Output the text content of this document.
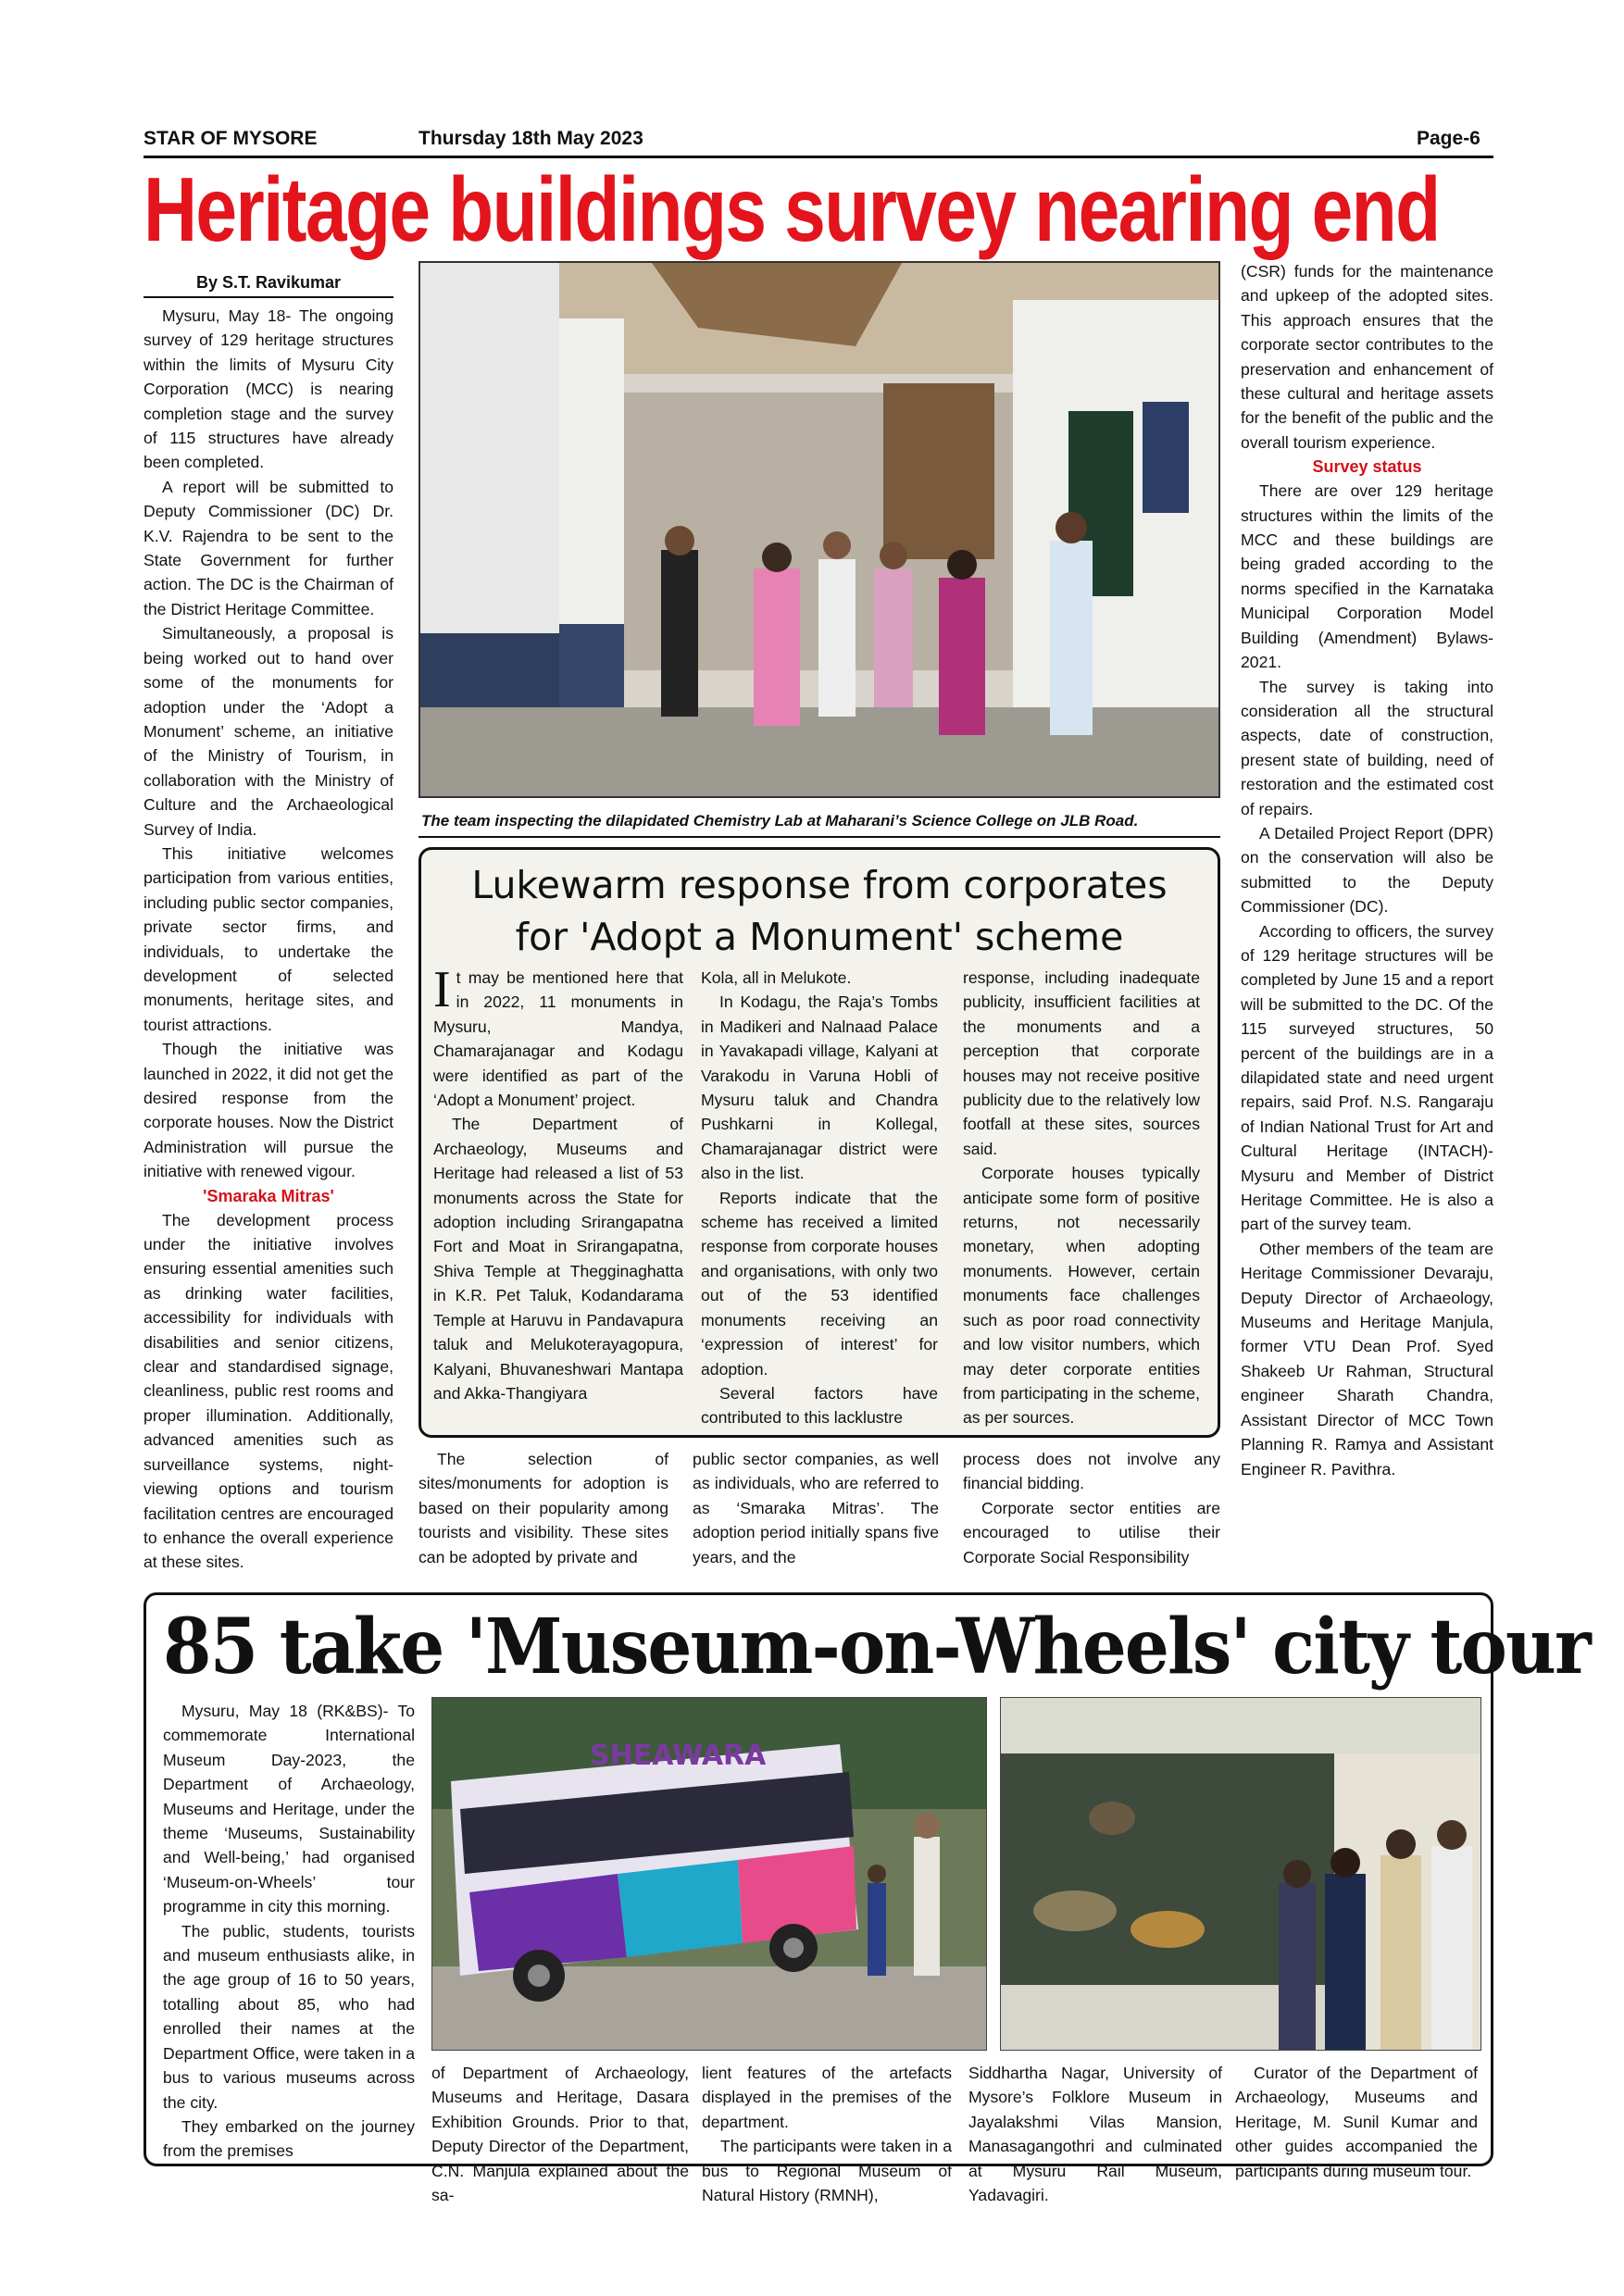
STAR OF MYSORE	Thursday 18th May 2023	Page-6
Heritage buildings survey nearing end
By S.T. Ravikumar

Mysuru, May 18- The ongoing survey of 129 heritage structures within the limits of Mysuru City Corporation (MCC) is nearing completion stage and the survey of 115 structures have already been completed.

A report will be submitted to Deputy Commissioner (DC) Dr. K.V. Rajendra to be sent to the State Government for further action. The DC is the Chairman of the District Heritage Committee.

Simultaneously, a proposal is being worked out to hand over some of the monuments for adoption under the ‘Adopt a Monument’ scheme, an initiative of the Ministry of Tourism, in collaboration with the Ministry of Culture and the Archaeological Survey of India.

This initiative welcomes participation from various entities, including public sector companies, private sector firms, and individuals, to undertake the development of selected monuments, heritage sites, and tourist attractions.

Though the initiative was launched in 2022, it did not get the desired response from the corporate houses. Now the District Administration will pursue the initiative with renewed vigour.

'Smaraka Mitras'

The development process under the initiative involves ensuring essential amenities such as drinking water facilities, accessibility for individuals with disabilities and senior citizens, clear and standardised signage, cleanliness, public rest rooms and proper illumination. Additionally, advanced amenities such as surveillance systems, night-viewing options and tourism facilitation centres are encouraged to enhance the overall experience at these sites.

The team inspecting the dilapidated Chemistry Lab at Maharani’s Science College on JLB Road.
Lukewarm response from corporates
for 'Adopt a Monument' scheme

It may be mentioned here that in 2022, 11 monuments in Mysuru, Mandya, Chamarajanagar and Kodagu were identified as part of the ‘Adopt a Monument’ project.

The Department of Archaeology, Museums and Heritage had released a list of 53 monuments across the State for adoption including Srirangapatna Fort and Moat in Srirangapatna, Shiva Temple at Thegginaghatta in K.R. Pet Taluk, Kodandarama Temple at Haruvu in Pandavapura taluk and Melukoterayagopura, Kalyani, Bhuvaneshwari Mantapa and Akka-Thangiyara

Kola, all in Melukote.

In Kodagu, the Raja’s Tombs in Madikeri and Nalnaad Palace in Yavakapadi village, Kalyani at Varakodu in Varuna Hobli of Mysuru taluk and Chandra Pushkarni in Kollegal, Chamarajanagar district were also in the list.

Reports indicate that the scheme has received a limited response from corporate houses and organisations, with only two out of the 53 identified monuments receiving an ‘expression of interest’ for adoption.

Several factors have contributed to this lacklustre

response, including inadequate publicity, insufficient facilities at the monuments and a perception that corporate houses may not receive positive publicity due to the relatively low footfall at these sites, sources said.

Corporate houses typically anticipate some form of positive returns, not necessarily monetary, when adopting monuments. However, certain monuments face challenges such as poor road connectivity and low visitor numbers, which may deter corporate entities from participating in the scheme, as per sources.

The selection of sites/monuments for adoption is based on their popularity among tourists and visibility. These sites can be adopted by private and

public sector companies, as well as individuals, who are referred to as ‘Smaraka Mitras’. The adoption period initially spans five years, and the

process does not involve any financial bidding.

Corporate sector entities are encouraged to utilise their Corporate Social Responsibility

(CSR) funds for the maintenance and upkeep of the adopted sites. This approach ensures that the corporate sector contributes to the preservation and enhancement of these cultural and heritage assets for the benefit of the public and the overall tourism experience.

Survey status

There are over 129 heritage structures within the limits of the MCC and these buildings are being graded according to the norms specified in the Karnataka Municipal Corporation Model Building (Amendment) Bylaws- 2021.

The survey is taking into consideration all the structural aspects, date of construction, present state of building, need of restoration and the estimated cost of repairs.

A Detailed Project Report (DPR) on the conservation will also be submitted to the Deputy Commissioner (DC).

According to officers, the survey of 129 heritage structures will be completed by June 15 and a report will be submitted to the DC. Of the 115 surveyed structures, 50 percent of the buildings are in a dilapidated state and need urgent repairs, said Prof. N.S. Rangaraju of Indian National Trust for Art and Cultural Heritage (INTACH)-Mysuru and Member of District Heritage Committee. He is also a part of the survey team.

Other members of the team are Heritage Commissioner Devaraju, Deputy Director of Archaeology, Museums and Heritage Manjula, former VTU Dean Prof. Syed Shakeeb Ur Rahman, Structural engineer Sharath Chandra, Assistant Director of MCC Town Planning R. Ramya and Assistant Engineer R. Pavithra.

85 take 'Museum-on-Wheels' city tour

Mysuru, May 18 (RK&BS)- To commemorate International Museum Day-2023, the Department of Archaeology, Museums and Heritage, under the theme ‘Museums, Sustainability and Well-being,’ had organised ‘Museum-on-Wheels’ tour programme in city this morning.

The public, students, tourists and museum enthusiasts alike, in the age group of 16 to 50 years, totalling about 85, who had enrolled their names at the Department Office, were taken in a bus to various museums across the city.

They embarked on the journey from the premises

SHEAWARA

of Department of Archaeology, Museums and Heritage, Dasara Exhibition Grounds. Prior to that, Deputy Director of the Department, C.N. Manjula explained about the sa-

lient features of the artefacts displayed in the premises of the department.

The participants were taken in a bus to Regional Museum of Natural History (RMNH),

Siddhartha Nagar, University of Mysore’s Folklore Museum in Jayalakshmi Vilas Mansion, Manasagangothri and culminated at Mysuru Rail Museum, Yadavagiri.

Curator of the Department of Archaeology, Museums and Heritage, M. Sunil Kumar and other guides accompanied the participants during museum tour.
